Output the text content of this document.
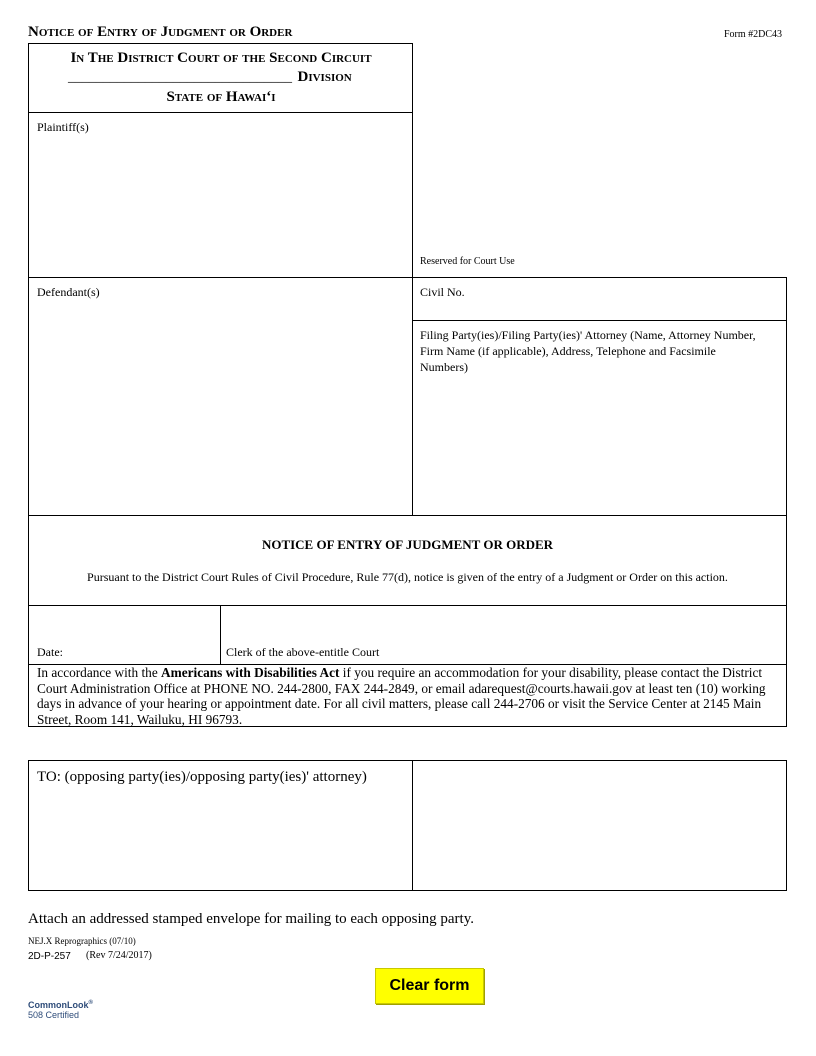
Notice of Entry of Judgment or Order	Form #2DC43
In The District Court of the Second Circuit
________________________________ Division
State of Hawai‘i
Plaintiff(s)
Reserved for Court Use
Defendant(s)	Civil No.
Filing Party(ies)/Filing Party(ies)' Attorney (Name, Attorney Number, Firm Name (if applicable), Address, Telephone and Facsimile Numbers)
NOTICE OF ENTRY OF JUDGMENT OR ORDER
Pursuant to the District Court Rules of Civil Procedure, Rule 77(d), notice is given of the entry of a Judgment or Order on this action.
Date:	Clerk of the above-entitle Court
In accordance with the Americans with Disabilities Act if you require an accommodation for your disability, please contact the District Court Administration Office at PHONE NO. 244-2800, FAX 244-2849, or email adarequest@courts.hawaii.gov at least ten (10) working days in advance of your hearing or appointment date. For all civil matters, please call 244-2706 or visit the Service Center at 2145 Main Street, Room 141, Wailuku, HI 96793.
TO: (opposing party(ies)/opposing party(ies)' attorney)
Attach an addressed stamped envelope for mailing to each opposing party.
NEJ.X Reprographics (07/10)
2D-P-257 (Rev 7/24/2017)
Clear form
CommonLook®
508 Certified
